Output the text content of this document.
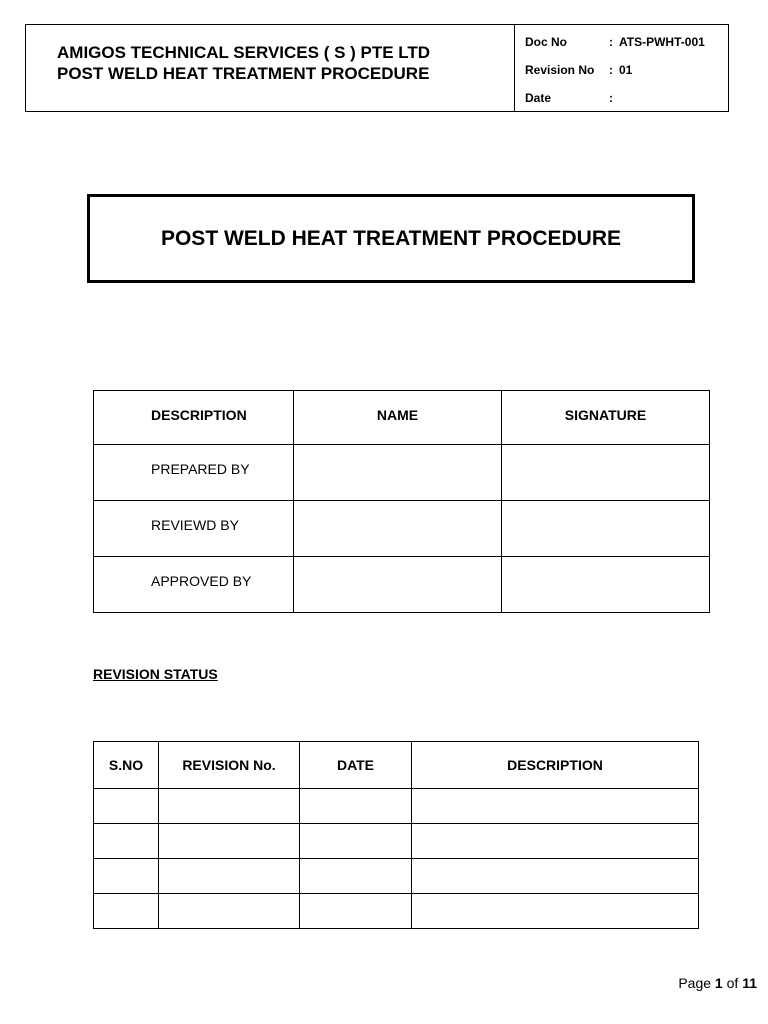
AMIGOS TECHNICAL SERVICES ( S ) PTE LTD
POST WELD HEAT TREATMENT PROCEDURE
Doc No	: ATS-PWHT-001
Revision No	: 01
Date	:
POST WELD HEAT TREATMENT PROCEDURE
DESCRIPTION	NAME	SIGNATURE
PREPARED BY		
REVIEWD BY		
APPROVED BY		
REVISION STATUS
S.NO	REVISION No.	DATE	DESCRIPTION

Page 1 of 11
